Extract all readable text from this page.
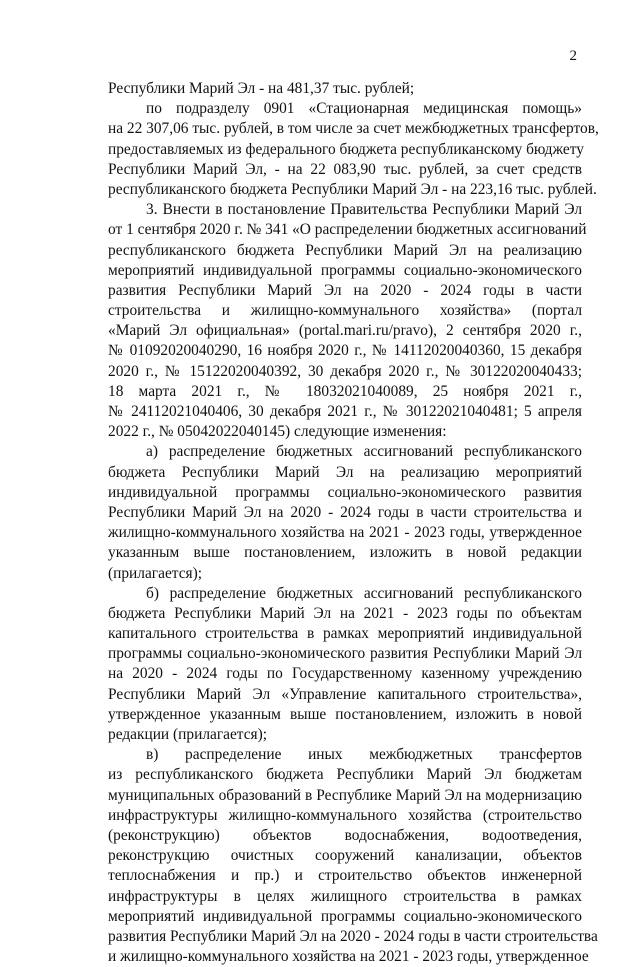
2
Республики Марий Эл - на 481,37 тыс. рублей;
по подразделу 0901 «Стационарная медицинская помощь»
на 22 307,06 тыс. рублей, в том числе за счет межбюджетных трансфертов,
предоставляемых из федерального бюджета республиканскому бюджету
Республики Марий Эл, - на 22 083,90 тыс. рублей, за счет средств
республиканского бюджета Республики Марий Эл - на 223,16 тыс. рублей.
3. Внести в постановление Правительства Республики Марий Эл
от 1 сентября 2020 г. № 341 «О распределении бюджетных ассигнований
республиканского бюджета Республики Марий Эл на реализацию
мероприятий индивидуальной программы социально-экономического
развития Республики Марий Эл на 2020 - 2024 годы в части
строительства и жилищно-коммунального хозяйства» (портал
«Марий Эл официальная» (portal.mari.ru/pravo), 2 сентября 2020 г.,
№ 01092020040290, 16 ноября 2020 г., № 14112020040360, 15 декабря
2020 г., № 15122020040392, 30 декабря 2020 г., № 30122020040433;
18 марта 2021 г., № 18032021040089, 25 ноября 2021 г.,
№ 24112021040406, 30 декабря 2021 г., № 30122021040481; 5 апреля
2022 г., № 05042022040145) следующие изменения:
а) распределение бюджетных ассигнований республиканского
бюджета Республики Марий Эл на реализацию мероприятий
индивидуальной программы социально-экономического развития
Республики Марий Эл на 2020 - 2024 годы в части строительства и
жилищно-коммунального хозяйства на 2021 - 2023 годы, утвержденное
указанным выше постановлением, изложить в новой редакции
(прилагается);
б) распределение бюджетных ассигнований республиканского
бюджета Республики Марий Эл на 2021 - 2023 годы по объектам
капитального строительства в рамках мероприятий индивидуальной
программы социально-экономического развития Республики Марий Эл
на 2020 - 2024 годы по Государственному казенному учреждению
Республики Марий Эл «Управление капитального строительства»,
утвержденное указанным выше постановлением, изложить в новой
редакции (прилагается);
в) распределение иных межбюджетных трансфертов
из республиканского бюджета Республики Марий Эл бюджетам
муниципальных образований в Республике Марий Эл на модернизацию
инфраструктуры жилищно-коммунального хозяйства (строительство
(реконструкцию) объектов водоснабжения, водоотведения,
реконструкцию очистных сооружений канализации, объектов
теплоснабжения и пр.) и строительство объектов инженерной
инфраструктуры в целях жилищного строительства в рамках
мероприятий индивидуальной программы социально-экономического
развития Республики Марий Эл на 2020 - 2024 годы в части строительства
и жилищно-коммунального хозяйства на 2021 - 2023 годы, утвержденное
